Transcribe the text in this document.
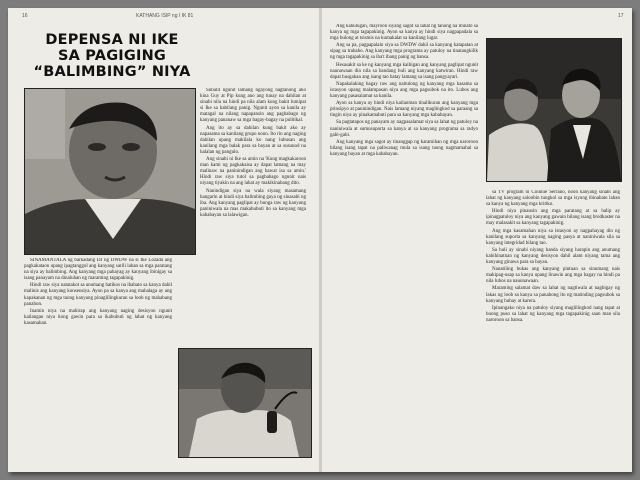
16	KATHANG ISIP ng I IK 81
DEPENSA NI IKE
SA PAGIGING
“BALIMBING” NIYA

Subalit ngunit lamang ngayong nagtanong ako kina Guy at Pip kung ano ang tunay na dahilan at sinabi nila na hindi pa nila alam kung bakit lumipat si Ike sa kabilang panig. Ngunit ayon sa kanila ay matagal na nilang napapansin ang pagbabago ng kanyang pananaw sa mga bagay-bagay na pulitikal.

Ang ito ay sa dahilan kung bakit ako ay napasama sa kanilang grupo noon. Ito rin ang naging dahilan upang makilala ko nang lubusan ang kanilang mga balak para sa bayan at sa susunod na halalan ng pangulo.

Ang sinabi ni Ike sa amin na 'Kung magkakaroon man kami ng pagkakaisa ay dapat lamang na may malinaw na paninindigan ang bawat isa sa amin.' Hindi raw siya tutol sa pagbabago ngunit nais niyang tiyakin na ang lahat ay makikinabang dito.

Nanindigan siya na wala siyang masamang hangarin at hindi siya balimbing gaya ng sinasabi ng iba. Ang kanyang paglipat ay bunga raw ng kanyang paniniwala na mas makabubuti ito sa kanyang mga kababayan sa lalawigan.

SINAMANTALA ng barkadang DJ ng DWDW na si Ike Lozada ang pagkakataon upang ipagtanggol ang kanyang sarili laban sa mga paratang na siya ay balimbing. Ang kanyang mga pahayag ay kanyang ibinigay sa isang panayam na dinaluhan ng maraming tagapakinig.

Hindi raw siya natatakot sa anumang batikos na ibabato sa kanya dahil malinis ang kanyang konsensiya. Ayon pa sa kanya ang mahalaga ay ang kapakanan ng mga taong kanyang pinaglilingkuran sa loob ng mahabang panahon.

Inamin niya na mahirap ang kanyang naging desisyon ngunit kailangan niya itong gawin para sa ikabubuti ng lahat ng kanyang kasamahan.

17

Ang kahulugan, mayroon siyang sagot sa lahat ng tanong na ibinato sa kanya ng mga tagapakinig. Ayon sa kanya ay hindi siya nagpapadala sa mga bulong at tsismis na kumakalat sa kanilang lugar.

Ang sa pa, pagpapalain siya sa DWDW dahil sa kanyang katapatan at sipag sa trabaho. Ang kanyang mga programa ay patuloy na tinatangkilik ng mga tagapakinig sa iba't ibang panig ng bansa.

Hesasakit sa ke ng kanyang mga kaibigan ang kanyang paglipat ngunit naunawaan din nila sa bandang huli ang kanyang katwiran. Hindi raw dapat husgahan ang isang tao batay lamang sa isang pangyayari.

Napakalaking bagay raw ang naitulong ng kanyang mga kasama sa istasyon upang malampasan niya ang mga pagsubok na ito. Lubos ang kanyang pasasalamat sa kanila.

Ayon sa kanya ay hindi niya kailanman tinalikuran ang kanyang mga prinsipyo at paninindigan. Nais lamang niyang maglingkod sa paraang sa tingin niya ay pinakamabuti para sa kanyang mga kababayan.

Sa pagtatapos ng panayam ay nagpasalamat siya sa lahat ng patuloy na naniniwala at sumusuporta sa kanya at sa kanyang programa sa radyo gabi-gabi.

Ang kanyang mga sagot ay tinanggap ng karamihan ng mga naroroon bilang isang tapat na paliwanag mula sa isang taong nagmamahal sa kanyang bayan at mga kababayan.

sa TV program ni Coinnie Serrano, noon kanyang sinabi ang lahat ng kanyang saloobin tungkol sa mga isyung ibinabato laban sa kanya ng kanyang mga kritiko.

Hindi niya pinansin ang mga paratang at sa halip ay ipinagpatuloy niya ang kanyang gawain bilang isang brodkaster na may malasakit sa kanyang tagapakinig.

Ang mga kasamahan niya sa istasyon ay nagpahayag din ng kanilang suporta sa kanyang naging pasya at naniniwala sila sa kanyang integridad bilang tao.

Sa huli ay sinabi niyang handa siyang harapin ang anumang kahihinatnan ng kanyang desisyon dahil alam niyang tama ang kanyang ginawa para sa bayan.

Nanatiling bukas ang kanyang pintuan sa sinumang nais makipag-usap sa kanya upang linawin ang mga bagay na hindi pa nila lubos na nauunawaan.

Maraming salamat daw sa lahat ng nagtiwala at nagbigay ng lakas ng loob sa kanya sa panahong ito ng matinding pagsubok sa kanyang buhay at karera.

Ipinangako niya na patuloy siyang maglilingkod nang tapat at buong puso sa lahat ng kanyang mga tagapakinig saan man sila naroroon sa bansa.
